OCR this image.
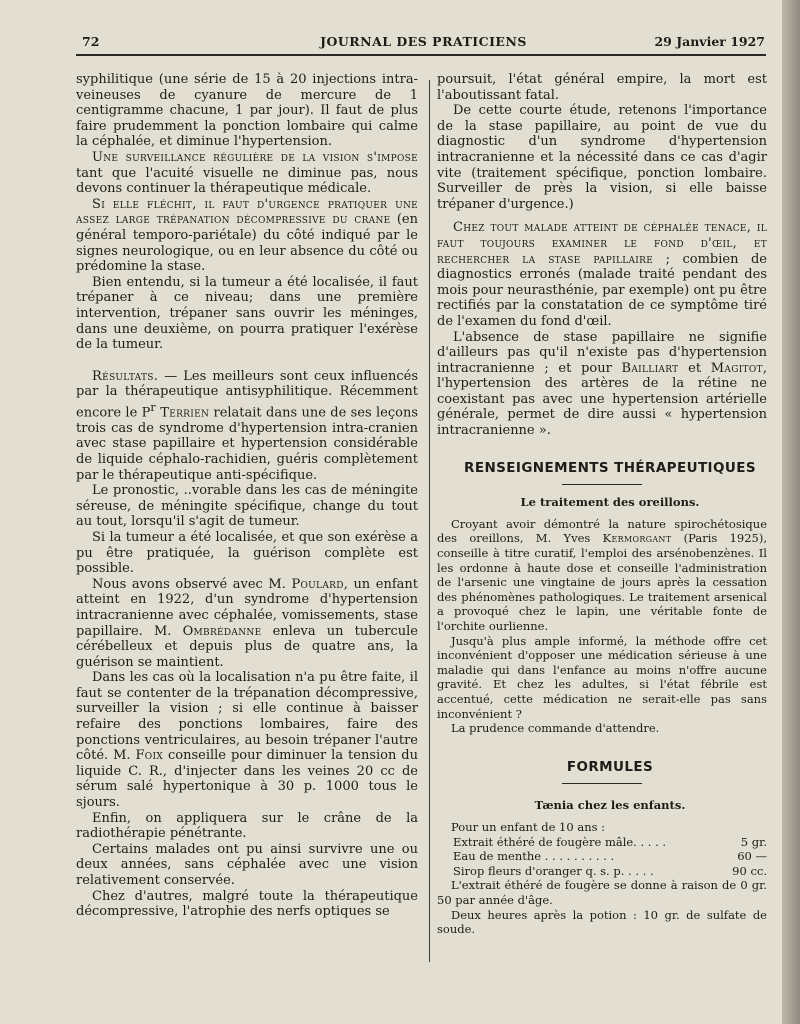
72	JOURNAL DES PRATICIENS	29 Janvier 1927

syphilitique (une série de 15 à 20 injections intra-veineuses de cyanure de mercure de 1 centigramme chacune, 1 par jour). Il faut de plus faire prudemment la ponction lombaire qui calme la céphalée, et diminue l'hypertension.

Une surveillance régulière de la vision s'impose tant que l'acuité visuelle ne diminue pas, nous devons continuer la thérapeutique médicale.

Si elle fléchit, il faut d'urgence pratiquer une assez large trépanation décompressive du crane (en général temporo-pariétale) du côté indiqué par le signes neurologique, ou en leur absence du côté ou prédomine la stase.

Bien entendu, si la tumeur a été localisée, il faut trépaner à ce niveau; dans une première intervention, trépaner sans ouvrir les méninges, dans une deuxième, on pourra pratiquer l'exérèse de la tumeur.

Résultats. — Les meilleurs sont ceux influencés par la thérapeutique antisyphilitique. Récemment encore le $P^r$ Terrien relatait dans une de ses leçons trois cas de syndrome d'hypertension intra-cranien avec stase papillaire et hypertension considérable de liquide céphalo-rachidien, guéris complètement par le thérapeutique anti-spécifique.

Le pronostic, ..vorable dans les cas de méningite séreuse, de méningite spécifique, change du tout au tout, lorsqu'il s'agit de tumeur.

Si la tumeur a été localisée, et que son exérèse a pu être pratiquée, la guérison complète est possible.

Nous avons observé avec M. Poulard, un enfant atteint en 1922, d'un syndrome d'hypertension intracranienne avec céphalée, vomissements, stase papillaire. M. Ombrédanne enleva un tubercule cérébelleux et depuis plus de quatre ans, la guérison se maintient.

Dans les cas où la localisation n'a pu être faite, il faut se contenter de la trépanation décompressive, surveiller la vision ; si elle continue à baisser refaire des ponctions lombaires, faire des ponctions ventriculaires, au besoin trépaner l'autre côté. M. Foix conseille pour diminuer la tension du liquide C. R., d'injecter dans les veines 20 cc de sérum salé hypertonique à 30 p. 1000 tous le sjours.

Enfin, on appliquera sur le crâne de la radiothérapie pénétrante.

Certains malades ont pu ainsi survivre une ou deux années, sans céphalée avec une vision relativement conservée.

Chez d'autres, malgré toute la thérapeutique décompressive, l'atrophie des nerfs optiques se

poursuit, l'état général empire, la mort est l'aboutissant fatal.

De cette courte étude, retenons l'importance de la stase papillaire, au point de vue du diagnostic d'un syndrome d'hypertension intracranienne et la nécessité dans ce cas d'agir vite (traitement spécifique, ponction lombaire. Surveiller de près la vision, si elle baisse trépaner d'urgence.)

Chez tout malade atteint de céphalée tenace, il faut toujours examiner le fond d'œil, et rechercher la stase papillaire ; combien de diagnostics erronés (malade traité pendant des mois pour neurasthénie, par exemple) ont pu être rectifiés par la constatation de ce symptôme tiré de l'examen du fond d'œil.

L'absence de stase papillaire ne signifie d'ailleurs pas qu'il n'existe pas d'hypertension intracranienne ; et pour Bailliart et Magitot, l'hypertension des artères de la rétine ne coexistant pas avec une hypertension artérielle générale, permet de dire aussi « hypertension intracranienne ».

RENSEIGNEMENTS THÉRAPEUTIQUES

Le traitement des oreillons.

Croyant avoir démontré la nature spirochétosique des oreillons, M. Yves Kermorgant (Paris 1925), conseille à titre curatif, l'emploi des arsénobenzènes. Il les ordonne à haute dose et conseille l'administration de l'arsenic une vingtaine de jours après la cessation des phénomènes pathologiques. Le traitement arsenical a provoqué chez le lapin, une véritable fonte de l'orchite ourlienne.

Jusqu'à plus ample informé, la méthode offre cet inconvénient d'opposer une médication sérieuse à une maladie qui dans l'enfance au moins n'offre aucune gravité. Et chez les adultes, si l'état fébrile est accentué, cette médication ne serait-elle pas sans inconvénient ?

La prudence commande d'attendre.

FORMULES

Tænia chez les enfants.

Pour un enfant de 10 ans :

Extrait éthéré de fougère mâle. . . . .	5 gr.
Eau de menthe . . . . . . . . . .	60 —
Sirop fleurs d'oranger q. s. p. . . . .	90 cc.

L'extrait éthéré de fougère se donne à raison de 0 gr. 50 par année d'âge.

Deux heures après la potion : 10 gr. de sulfate de soude.
